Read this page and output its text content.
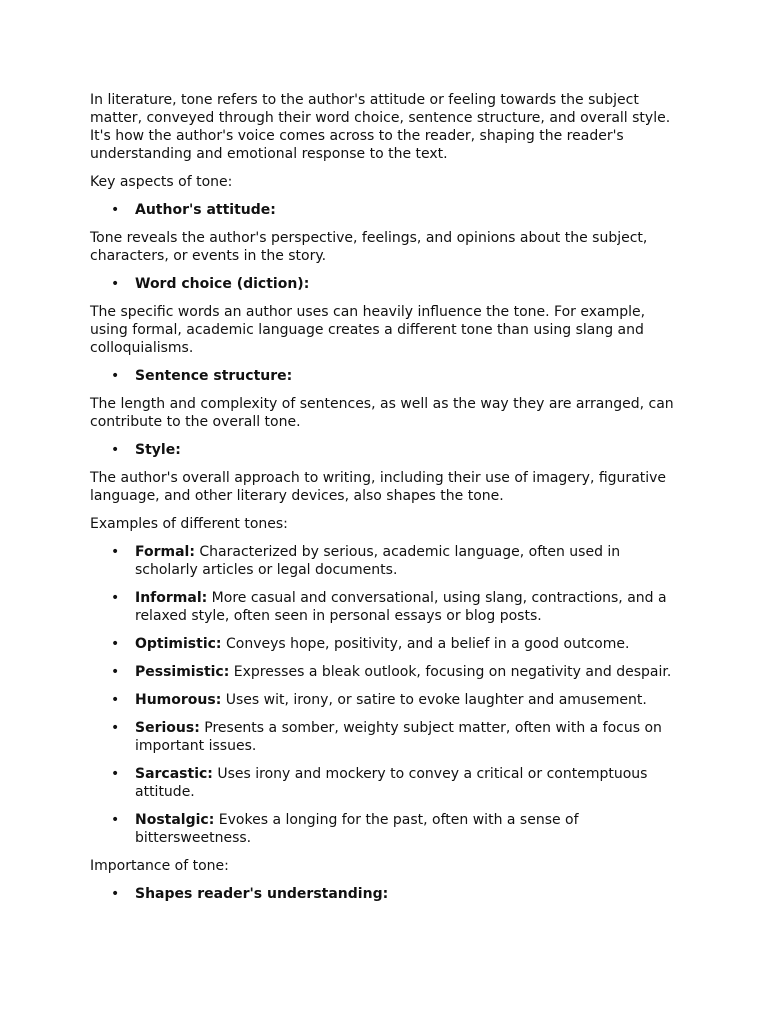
In literature, tone refers to the author's attitude or feeling towards the subject matter, conveyed through their word choice, sentence structure, and overall style. It's how the author's voice comes across to the reader, shaping the reader's understanding and emotional response to the text.

Key aspects of tone:

• Author's attitude:

Tone reveals the author's perspective, feelings, and opinions about the subject, characters, or events in the story.

• Word choice (diction):

The specific words an author uses can heavily influence the tone. For example, using formal, academic language creates a different tone than using slang and colloquialisms.

• Sentence structure:

The length and complexity of sentences, as well as the way they are arranged, can contribute to the overall tone.

• Style:

The author's overall approach to writing, including their use of imagery, figurative language, and other literary devices, also shapes the tone.

Examples of different tones:

• Formal: Characterized by serious, academic language, often used in scholarly articles or legal documents.
• Informal: More casual and conversational, using slang, contractions, and a relaxed style, often seen in personal essays or blog posts.
• Optimistic: Conveys hope, positivity, and a belief in a good outcome.
• Pessimistic: Expresses a bleak outlook, focusing on negativity and despair.
• Humorous: Uses wit, irony, or satire to evoke laughter and amusement.
• Serious: Presents a somber, weighty subject matter, often with a focus on important issues.
• Sarcastic: Uses irony and mockery to convey a critical or contemptuous attitude.
• Nostalgic: Evokes a longing for the past, often with a sense of bittersweetness.

Importance of tone:

• Shapes reader's understanding:
